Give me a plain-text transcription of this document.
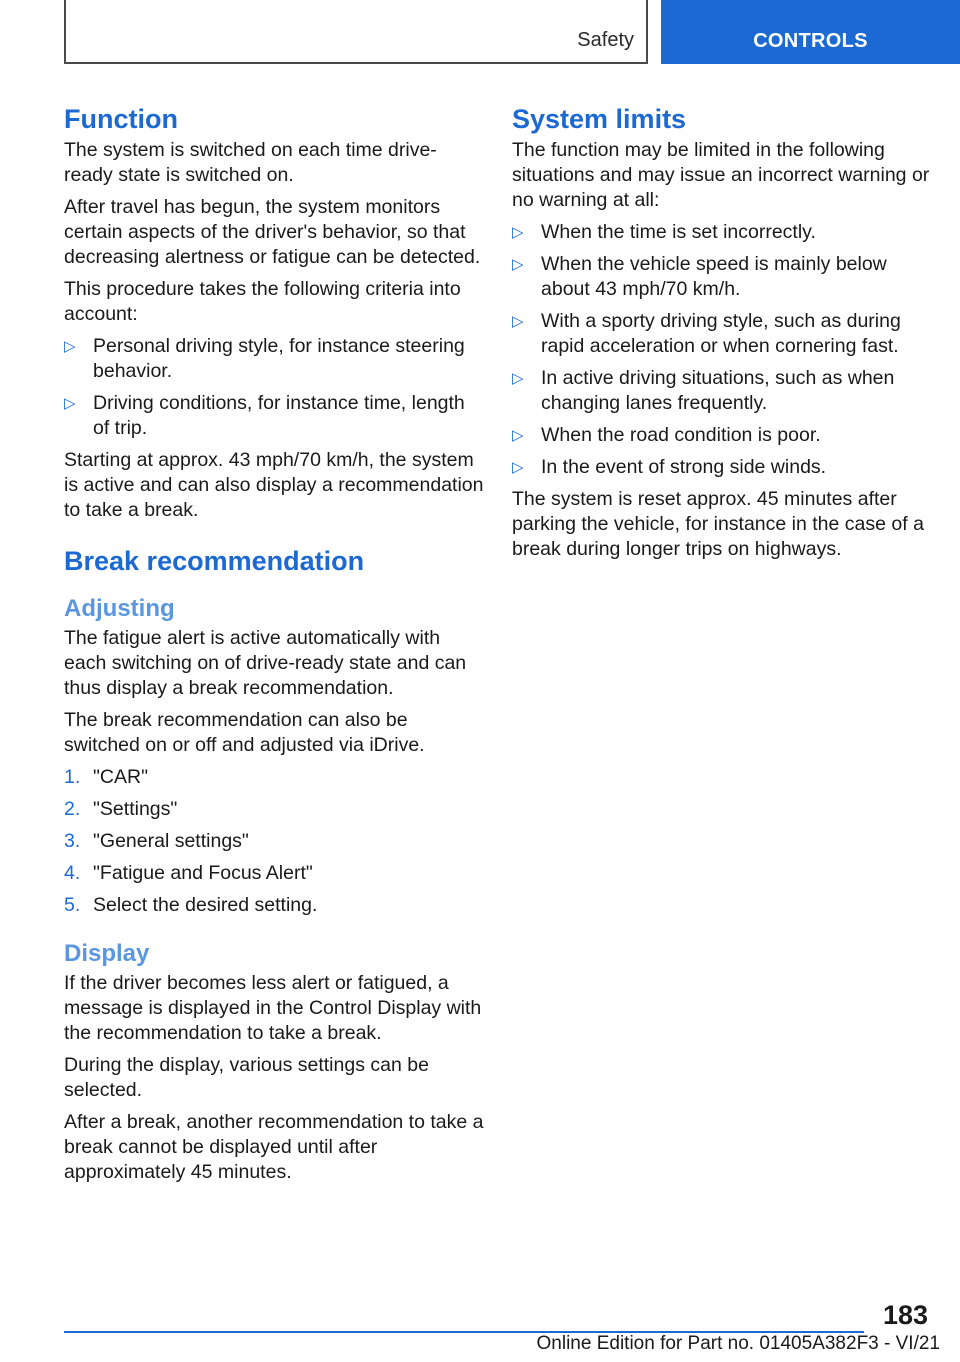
Safety	CONTROLS
Function

The system is switched on each time drive-ready state is switched on.

After travel has begun, the system monitors certain aspects of the driver's behavior, so that decreasing alertness or fatigue can be detected.

This procedure takes the following criteria into account:

▷ Personal driving style, for instance steering behavior.
▷ Driving conditions, for instance time, length of trip.

Starting at approx. 43 mph/70 km/h, the system is active and can also display a recommendation to take a break.

Break recommendation
Adjusting

The fatigue alert is active automatically with each switching on of drive-ready state and can thus display a break recommendation.

The break recommendation can also be switched on or off and adjusted via iDrive.

1. "CAR"
2. "Settings"
3. "General settings"
4. "Fatigue and Focus Alert"
5. Select the desired setting.
Display

If the driver becomes less alert or fatigued, a message is displayed in the Control Display with the recommendation to take a break.

During the display, various settings can be selected.

After a break, another recommendation to take a break cannot be displayed until after approximately 45 minutes.

System limits

The function may be limited in the following situations and may issue an incorrect warning or no warning at all:

▷ When the time is set incorrectly.
▷ When the vehicle speed is mainly below about 43 mph/70 km/h.
▷ With a sporty driving style, such as during rapid acceleration or when cornering fast.
▷ In active driving situations, such as when changing lanes frequently.
▷ When the road condition is poor.
▷ In the event of strong side winds.

The system is reset approx. 45 minutes after parking the vehicle, for instance in the case of a break during longer trips on highways.

183
Online Edition for Part no. 01405A382F3 - VI/21
